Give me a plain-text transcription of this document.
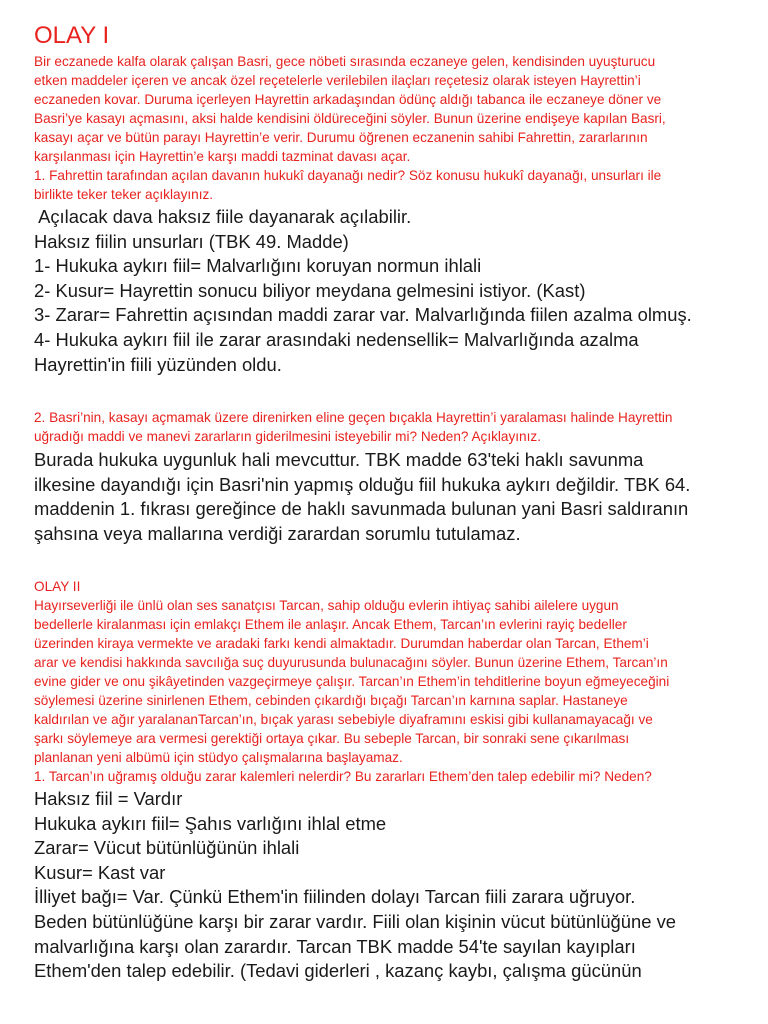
OLAY I

Bir eczanede kalfa olarak çalışan Basri, gece nöbeti sırasında eczaneye gelen, kendisinden uyuşturucu
etken maddeler içeren ve ancak özel reçetelerle verilebilen ilaçları reçetesiz olarak isteyen Hayrettin’i
eczaneden kovar. Duruma içerleyen Hayrettin arkadaşından ödünç aldığı tabanca ile eczaneye döner ve
Basri’ye kasayı açmasını, aksi halde kendisini öldüreceğini söyler. Bunun üzerine endişeye kapılan Basri,
kasayı açar ve bütün parayı Hayrettin’e verir. Durumu öğrenen eczanenin sahibi Fahrettin, zararlarının
karşılanması için Hayrettin’e karşı maddi tazminat davası açar.

1. Fahrettin tarafından açılan davanın hukukî dayanağı nedir? Söz konusu hukukî dayanağı, unsurları ile
birlikte teker teker açıklayınız.

Açılacak dava haksız fiile dayanarak açılabilir.
Haksız fiilin unsurları (TBK 49. Madde)
1- Hukuka aykırı fiil= Malvarlığını koruyan normun ihlali
2- Kusur= Hayrettin sonucu biliyor meydana gelmesini istiyor. (Kast)
3- Zarar= Fahrettin açısından maddi zarar var. Malvarlığında fiilen azalma olmuş.
4- Hukuka aykırı fiil ile zarar arasındaki nedensellik= Malvarlığında azalma
Hayrettin'in fiili yüzünden oldu.

2. Basri’nin, kasayı açmamak üzere direnirken eline geçen bıçakla Hayrettin’i yaralaması halinde Hayrettin
uğradığı maddi ve manevi zararların giderilmesini isteyebilir mi? Neden? Açıklayınız.

Burada hukuka uygunluk hali mevcuttur. TBK madde 63'teki haklı savunma
ilkesine dayandığı için Basri'nin yapmış olduğu fiil hukuka aykırı değildir. TBK 64.
maddenin 1. fıkrası gereğince de haklı savunmada bulunan yani Basri saldıranın
şahsına veya mallarına verdiği zarardan sorumlu tutulamaz.

OLAY II

Hayırseverliği ile ünlü olan ses sanatçısı Tarcan, sahip olduğu evlerin ihtiyaç sahibi ailelere uygun
bedellerle kiralanması için emlakçı Ethem ile anlaşır. Ancak Ethem, Tarcan’ın evlerini rayiç bedeller
üzerinden kiraya vermekte ve aradaki farkı kendi almaktadır. Durumdan haberdar olan Tarcan, Ethem’i
arar ve kendisi hakkında savcılığa suç duyurusunda bulunacağını söyler. Bunun üzerine Ethem, Tarcan’ın
evine gider ve onu şikâyetinden vazgeçirmeye çalışır. Tarcan’ın Ethem’in tehditlerine boyun eğmeyeceğini
söylemesi üzerine sinirlenen Ethem, cebinden çıkardığı bıçağı Tarcan’ın karnına saplar. Hastaneye
kaldırılan ve ağır yaralananTarcan’ın, bıçak yarası sebebiyle diyaframını eskisi gibi kullanamayacağı ve
şarkı söylemeye ara vermesi gerektiği ortaya çıkar. Bu sebeple Tarcan, bir sonraki sene çıkarılması
planlanan yeni albümü için stüdyo çalışmalarına başlayamaz.

1. Tarcan’ın uğramış olduğu zarar kalemleri nelerdir? Bu zararları Ethem’den talep edebilir mi? Neden?

Haksız fiil = Vardır
Hukuka aykırı fiil= Şahıs varlığını ihlal etme
Zarar= Vücut bütünlüğünün ihlali
Kusur= Kast var
İlliyet bağı= Var. Çünkü Ethem'in fiilinden dolayı Tarcan fiili zarara uğruyor.
Beden bütünlüğüne karşı bir zarar vardır. Fiili olan kişinin vücut bütünlüğüne ve
malvarlığına karşı olan zarardır. Tarcan TBK madde 54'te sayılan kayıpları
Ethem'den talep edebilir. (Tedavi giderleri , kazanç kaybı, çalışma gücünün
